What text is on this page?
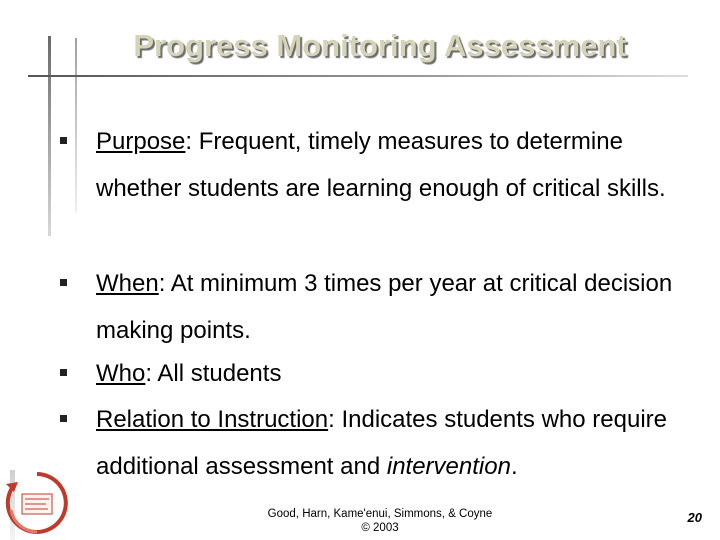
Progress Monitoring Assessment
Purpose: Frequent, timely measures to determine whether students are learning enough of critical skills.
When: At minimum 3 times per year at critical decision making points.
Who: All students
Relation to Instruction: Indicates students who require additional assessment and intervention.
Good, Harn, Kame'enui, Simmons, & Coyne
© 2003
20
